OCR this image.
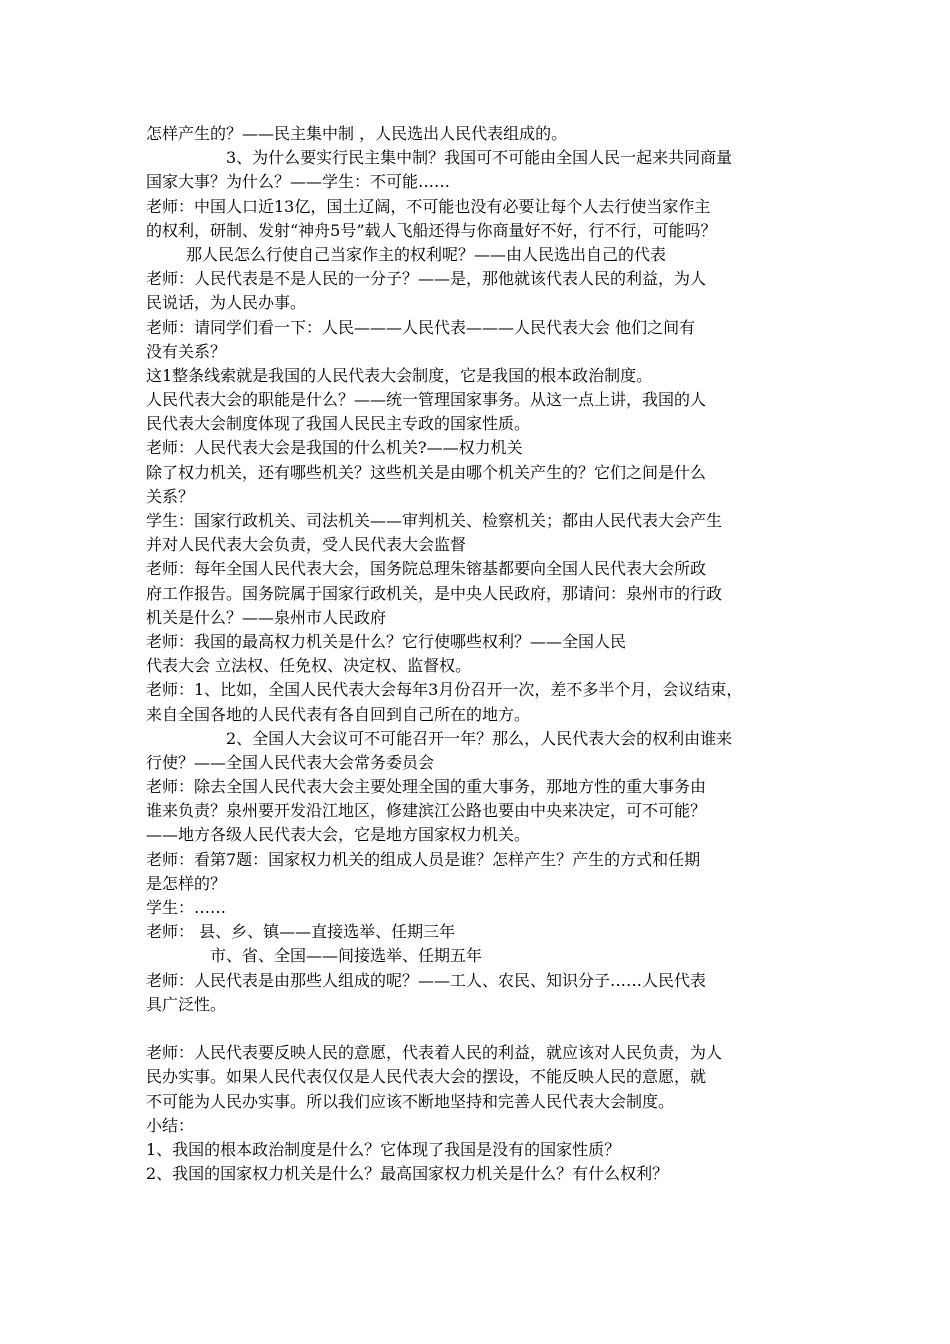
怎样产生的？——民主集中制 ，人民选出人民代表组成的。
3、为什么要实行民主集中制？我国可不可能由全国人民一起来共同商量
国家大事？为什么？——学生：不可能……
老师：中国人口近13亿，国土辽阔，不可能也没有必要让每个人去行使当家作主
的权利，研制、发射“神舟5号”载人飞船还得与你商量好不好，行不行，可能吗？
那人民怎么行使自己当家作主的权利呢？——由人民选出自己的代表
老师：人民代表是不是人民的一分子？——是，那他就该代表人民的利益，为人
民说话，为人民办事。
老师：请同学们看一下：人民———人民代表———人民代表大会 他们之间有
没有关系？
这1整条线索就是我国的人民代表大会制度，它是我国的根本政治制度。
人民代表大会的职能是什么？——统一管理国家事务。从这一点上讲，我国的人
民代表大会制度体现了我国人民民主专政的国家性质。
老师：人民代表大会是我国的什么机关?——权力机关
除了权力机关，还有哪些机关？这些机关是由哪个机关产生的？它们之间是什么
关系？
学生：国家行政机关、司法机关——审判机关、检察机关；都由人民代表大会产生
并对人民代表大会负责，受人民代表大会监督
老师：每年全国人民代表大会，国务院总理朱镕基都要向全国人民代表大会所政
府工作报告。国务院属于国家行政机关，是中央人民政府，那请问：泉州市的行政
机关是什么？——泉州市人民政府
老师：我国的最高权力机关是什么？它行使哪些权利？——全国人民
代表大会 立法权、任免权、决定权、监督权。
老师：1、比如，全国人民代表大会每年3月份召开一次，差不多半个月，会议结束，
来自全国各地的人民代表有各自回到自己所在的地方。
2、全国人大会议可不可能召开一年？那么，人民代表大会的权利由谁来
行使？——全国人民代表大会常务委员会
老师：除去全国人民代表大会主要处理全国的重大事务，那地方性的重大事务由
谁来负责？泉州要开发沿江地区，修建滨江公路也要由中央来决定，可不可能？
——地方各级人民代表大会，它是地方国家权力机关。
老师：看第7题：国家权力机关的组成人员是谁？怎样产生？产生的方式和任期
是怎样的？
学生：……
老师： 县、乡、镇——直接选举、任期三年
市、省、全国——间接选举、任期五年
老师：人民代表是由那些人组成的呢？——工人、农民、知识分子……人民代表
具广泛性。
老师：人民代表要反映人民的意愿，代表着人民的利益，就应该对人民负责，为人
民办实事。如果人民代表仅仅是人民代表大会的摆设，不能反映人民的意愿，就
不可能为人民办实事。所以我们应该不断地坚持和完善人民代表大会制度。
小结：
1、我国的根本政治制度是什么？它体现了我国是没有的国家性质？
2、我国的国家权力机关是什么？最高国家权力机关是什么？有什么权利？
